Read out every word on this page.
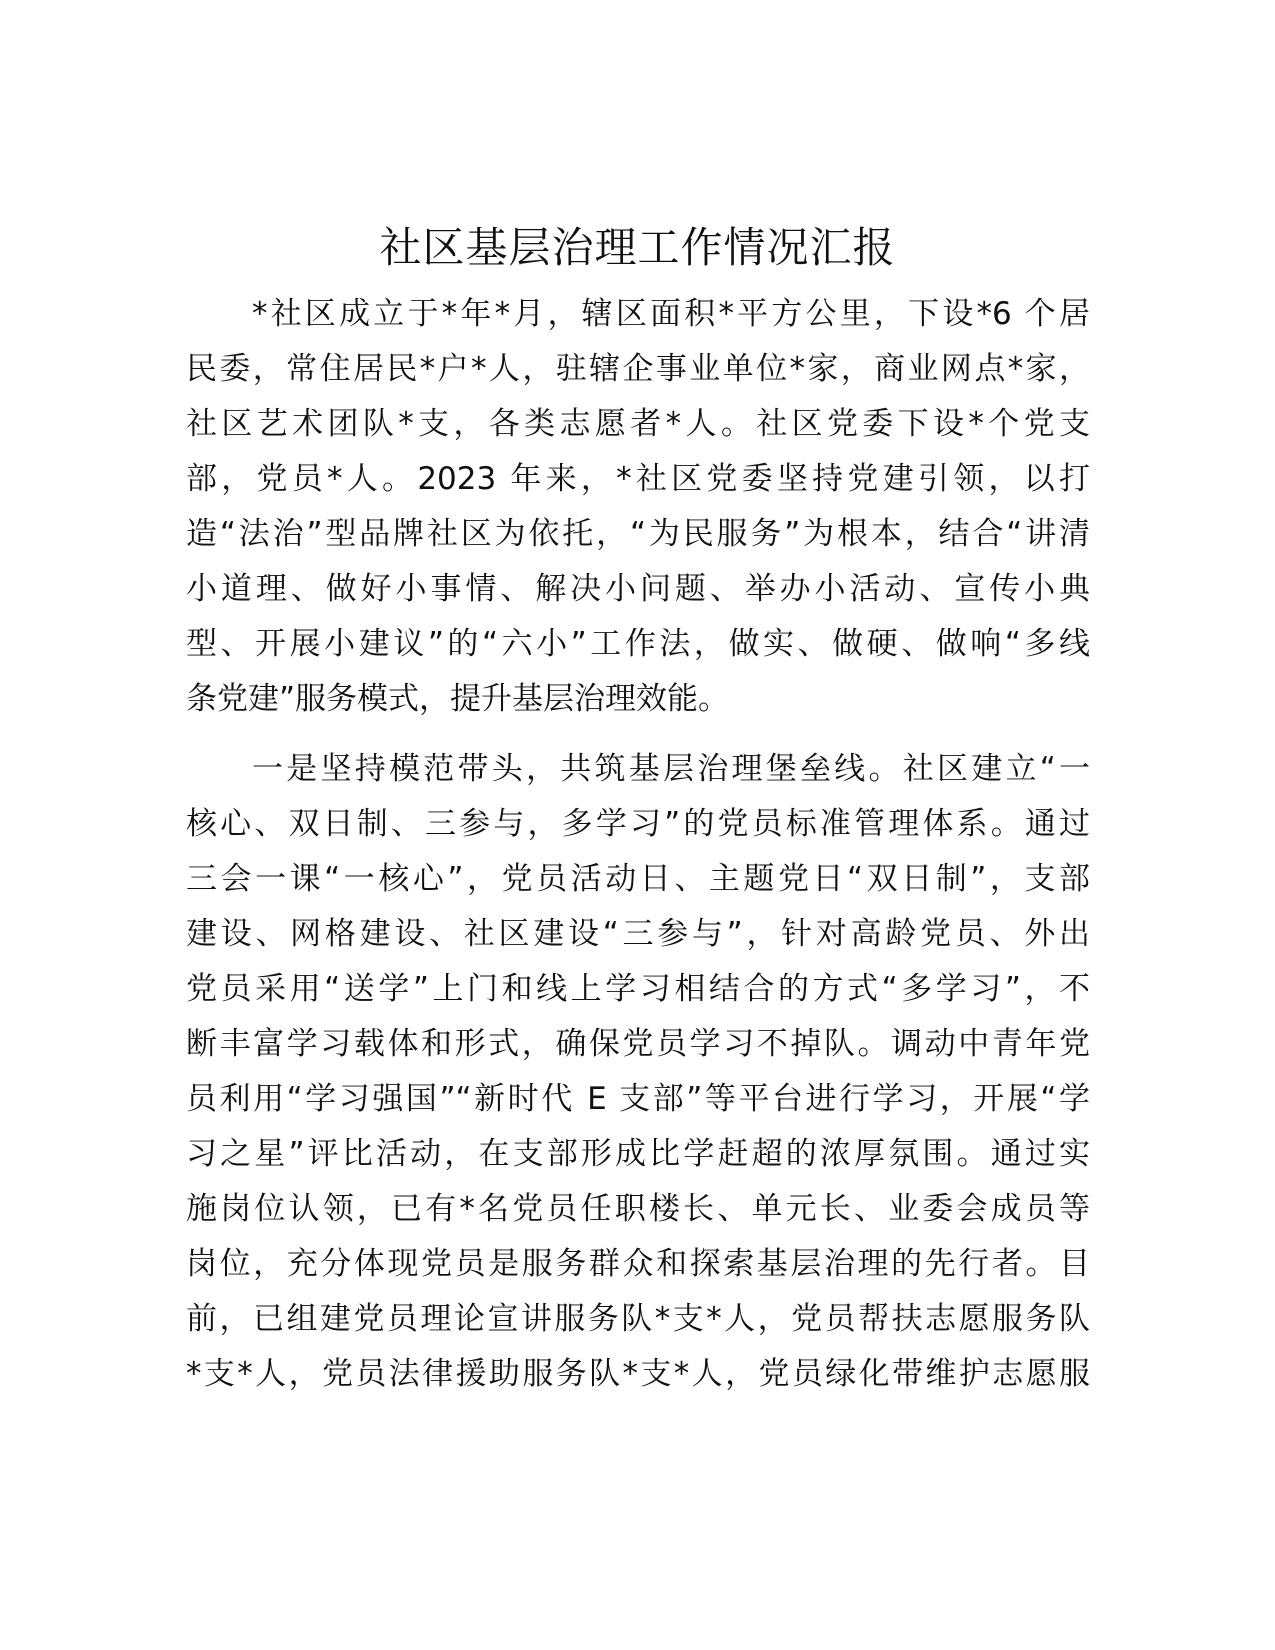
社区基层治理工作情况汇报

*社区成立于*年*月，辖区面积*平方公里，下设*6 个居

民委，常住居民*户*人，驻辖企事业单位*家，商业网点*家，

社区艺术团队*支，各类志愿者*人。社区党委下设*个党支

部，党员*人。2023 年来，*社区党委坚持党建引领，以打

造“法治”型品牌社区为依托，“为民服务”为根本，结合“讲清

小道理、做好小事情、解决小问题、举办小活动、宣传小典

型、开展小建议”的“六小”工作法，做实、做硬、做响“多线

条党建”服务模式，提升基层治理效能。

一是坚持模范带头，共筑基层治理堡垒线。社区建立“一

核心、双日制、三参与，多学习”的党员标准管理体系。通过

三会一课“一核心”，党员活动日、主题党日“双日制”，支部

建设、网格建设、社区建设“三参与”，针对高龄党员、外出

党员采用“送学”上门和线上学习相结合的方式“多学习”，不

断丰富学习载体和形式，确保党员学习不掉队。调动中青年党

员利用“学习强国”“新时代 E 支部”等平台进行学习，开展“学

习之星”评比活动，在支部形成比学赶超的浓厚氛围。通过实

施岗位认领，已有*名党员任职楼长、单元长、业委会成员等

岗位，充分体现党员是服务群众和探索基层治理的先行者。目

前，已组建党员理论宣讲服务队*支*人，党员帮扶志愿服务队

*支*人，党员法律援助服务队*支*人，党员绿化带维护志愿服
